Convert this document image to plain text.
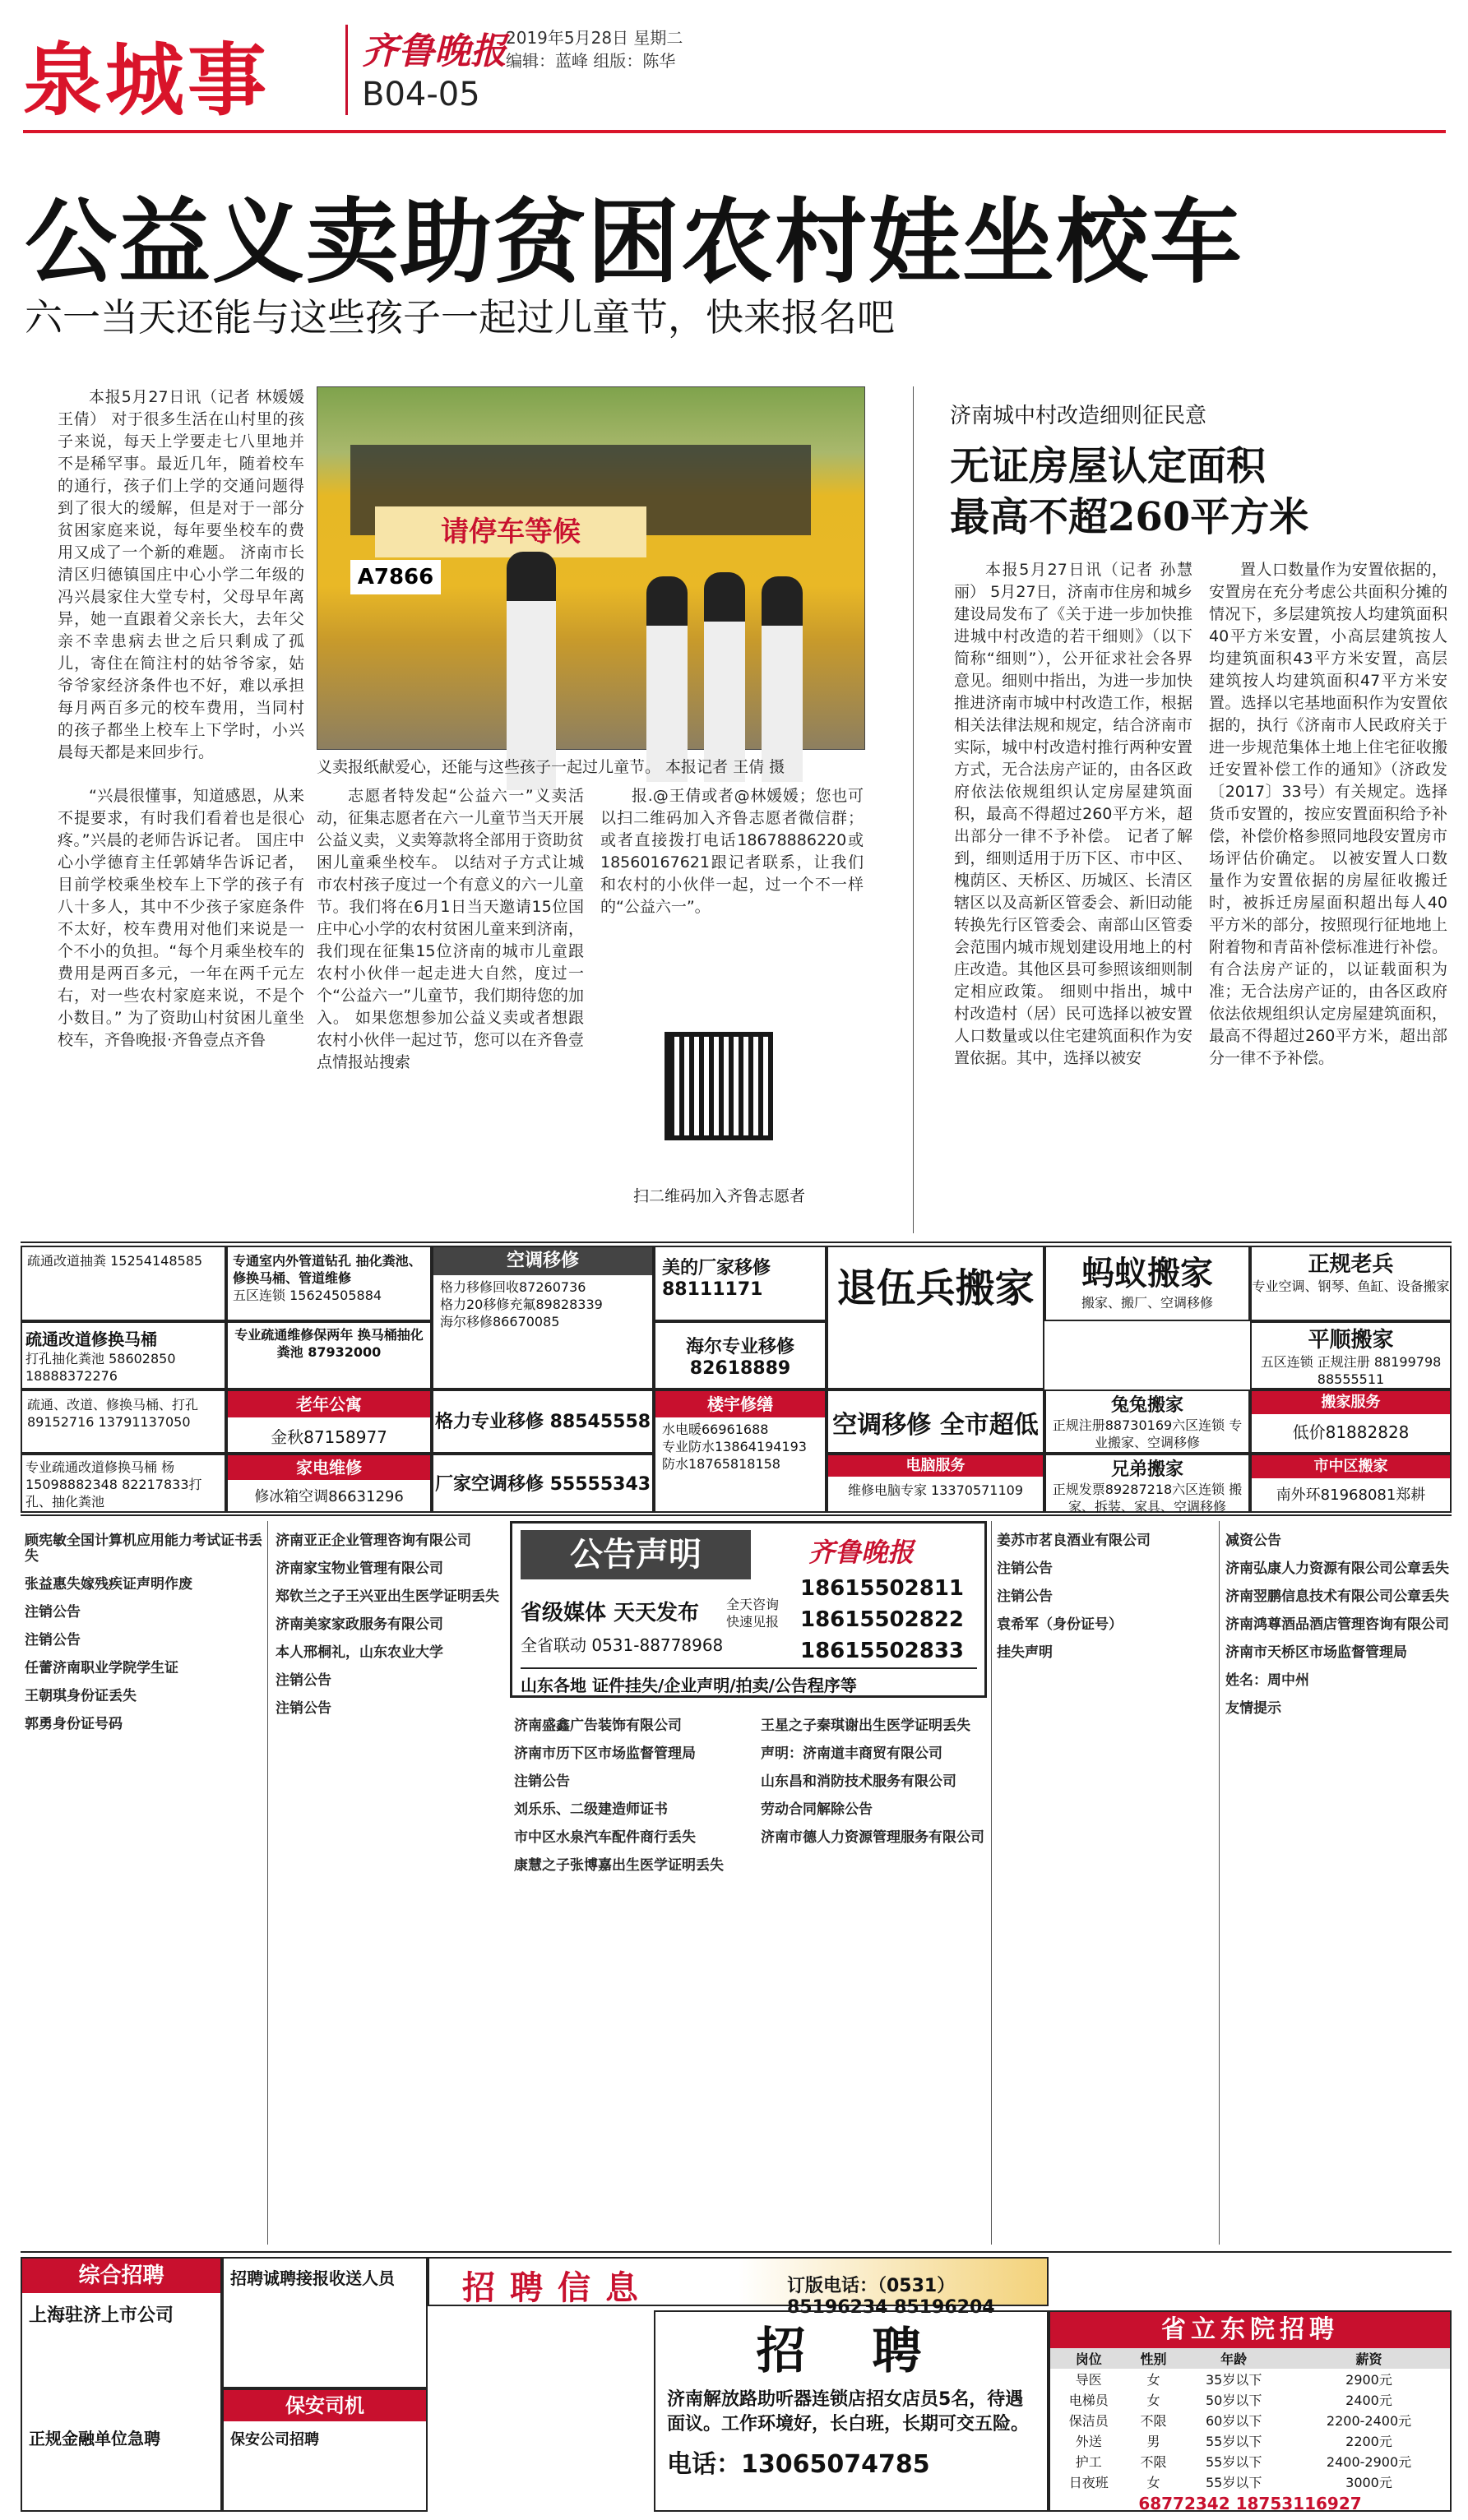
泉城事	齐鲁晚报
B04-05
2019年5月28日 星期二
编辑：蓝峰 组版：陈华
公益义卖助贫困农村娃坐校车
六一当天还能与这些孩子一起过儿童节，快来报名吧

本报5月27日讯（记者 林媛媛 王倩） 对于很多生活在山村里的孩子来说，每天上学要走七八里地并不是稀罕事。最近几年，随着校车的通行，孩子们上学的交通问题得到了很大的缓解，但是对于一部分贫困家庭来说，每年要坐校车的费用又成了一个新的难题。 济南市长清区归德镇国庄中心小学二年级的冯兴晨家住大堂专村，父母早年离异，她一直跟着父亲长大，去年父亲不幸患病去世之后只剩成了孤儿，寄住在简注村的姑爷爷家，姑爷爷家经济条件也不好，难以承担每月两百多元的校车费用，当同村的孩子都坐上校车上下学时，小兴晨每天都是来回步行。

“兴晨很懂事，知道感恩，从来不提要求，有时我们看着也是很心疼。”兴晨的老师告诉记者。 国庄中心小学德育主任郭婧华告诉记者，目前学校乘坐校车上下学的孩子有八十多人，其中不少孩子家庭条件不太好，校车费用对他们来说是一个不小的负担。“每个月乘坐校车的费用是两百多元，一年在两千元左右，对一些农村家庭来说，不是个小数目。” 为了资助山村贫困儿童坐校车，齐鲁晚报·齐鲁壹点齐鲁

请停车等候
A7866
义卖报纸献爱心，还能与这些孩子一起过儿童节。 本报记者 王倩 摄

志愿者特发起“公益六一”义卖活动，征集志愿者在六一儿童节当天开展公益义卖，义卖筹款将全部用于资助贫困儿童乘坐校车。 以结对子方式让城市农村孩子度过一个有意义的六一儿童节。我们将在6月1日当天邀请15位国庄中心小学的农村贫困儿童来到济南，我们现在征集15位济南的城市儿童跟农村小伙伴一起走进大自然，度过一个“公益六一”儿童节，我们期待您的加入。 如果您想参加公益义卖或者想跟农村小伙伴一起过节，您可以在齐鲁壹点情报站搜索

报.@王倩或者@林媛媛；您也可以扫二维码加入齐鲁志愿者微信群；或者直接拨打电话18678886220或18560167621跟记者联系，让我们和农村的小伙伴一起，过一个不一样的“公益六一”。

扫二维码加入齐鲁志愿者
济南城中村改造细则征民意
无证房屋认定面积
最高不超260平方米

本报5月27日讯（记者 孙慧丽） 5月27日，济南市住房和城乡建设局发布了《关于进一步加快推进城中村改造的若干细则》（以下简称“细则”），公开征求社会各界意见。细则中指出，为进一步加快推进济南市城中村改造工作，根据相关法律法规和规定，结合济南市实际，城中村改造村推行两种安置方式，无合法房产证的，由各区政府依法依规组织认定房屋建筑面积，最高不得超过260平方米，超出部分一律不予补偿。 记者了解到，细则适用于历下区、市中区、槐荫区、天桥区、历城区、长清区辖区以及高新区管委会、新旧动能转换先行区管委会、南部山区管委会范围内城市规划建设用地上的村庄改造。其他区县可参照该细则制定相应政策。 细则中指出，城中村改造村（居）民可选择以被安置人口数量或以住宅建筑面积作为安置依据。其中，选择以被安

置人口数量作为安置依据的，安置房在充分考虑公共面积分摊的情况下，多层建筑按人均建筑面积40平方米安置，小高层建筑按人均建筑面积43平方米安置，高层建筑按人均建筑面积47平方米安置。选择以宅基地面积作为安置依据的，执行《济南市人民政府关于进一步规范集体土地上住宅征收搬迁安置补偿工作的通知》（济政发〔2017〕33号）有关规定。选择货币安置的，按应安置面积给予补偿，补偿价格参照同地段安置房市场评估价确定。 以被安置人口数量作为安置依据的房屋征收搬迁时，被拆迁房屋面积超出每人40平方米的部分，按照现行征地地上附着物和青苗补偿标准进行补偿。有合法房产证的，以证载面积为准；无合法房产证的，由各区政府依法依规组织认定房屋建筑面积，最高不得超过260平方米，超出部分一律不予补偿。

疏通改道抽粪 15254148585	专通室内外管道钻孔 抽化粪池、修换马桶、管道维修
五区连锁 15624505884
空调移修
格力移修回收87260736
格力20移修充氟89828339
海尔移修86670085
美的厂家移修 88111171	退伍兵搬家	蚂蚁搬家
搬家、搬厂、空调移修
正规老兵
专业空调、钢琴、鱼缸、设备搬家
疏通改道修换马桶
打孔抽化粪池 58602850 18888372276
专业疏通维修保两年 换马桶抽化粪池 87932000	海尔专业移修 82618889
平顺搬家
五区连锁 正规注册 88199798 88555511
疏通、改道、修换马桶、打孔 89152716 13791137050
老年公寓
金秋87158977
格力专业移修 88545558
楼宇修缮
水电暖66961688
专业防水13864194193
防水18765818158
空调移修 全市超低
兔兔搬家
正规注册88730169六区连锁 专业搬家、空调移修
搬家服务
低价81882828
专业疏通改道修换马桶 杨15098882348 82217833打孔、抽化粪池
家电维修
修冰箱空调86631296
厂家空调移修 55555343
电脑服务
维修电脑专家 13370571109
兄弟搬家
正规发票89287218六区连锁 搬家、拆装、家具、空调移修
市中区搬家
南外环81968081郑耕

顾宪敏全国计算机应用能力考试证书丢失

张益惠失嫁残疾证声明作废

注销公告

注销公告

任蕾济南职业学院学生证

王朝琪身份证丢失

郭勇身份证号码

济南亚正企业管理咨询有限公司

济南家宝物业管理有限公司

郑钦兰之子王兴亚出生医学证明丢失

济南美家家政服务有限公司

本人邢桐礼，山东农业大学

注销公告

注销公告

公告声明	齐鲁晚报
省级媒体 天天发布 全天咨询 快速见报
全省联动 0531-88778968
18615502811
18615502822
18615502833
山东各地 证件挂失/企业声明/拍卖/公告程序等

济南盛鑫广告装饰有限公司

济南市历下区市场监督管理局

注销公告

刘乐乐、二级建造师证书

市中区水泉汽车配件商行丢失

康慧之子张博嘉出生医学证明丢失

王星之子秦琪谢出生医学证明丢失

声明：济南道丰商贸有限公司

山东昌和消防技术服务有限公司

劳动合同解除公告

济南市德人力资源管理服务有限公司

姜苏市茗良酒业有限公司

注销公告

注销公告

袁希军（身份证号）

挂失声明

减资公告

济南弘康人力资源有限公司公章丢失

济南翌鹏信息技术有限公司公章丢失

济南鸿尊酒品酒店管理咨询有限公司

济南市天桥区市场监督管理局

姓名：周中州

友情提示

综合招聘
上海驻济上市公司
正规金融单位急聘
招聘诚聘接报收送人员
保安司机
保安公司招聘
招聘信息	订版电话：（0531）85196234 85196204
招 聘
济南解放路助听器连锁店招女店员5名，待遇面议。工作环境好，长白班，长期可交五险。
电话：13065074785
省立东院招聘
岗位	性别	年龄	薪资
导医	女	35岁以下	2900元
电梯员	女	50岁以下	2400元
保洁员	不限	60岁以下	2200-2400元
外送	男	55岁以下	2200元
护工	不限	55岁以下	2400-2900元
日夜班	女	55岁以下	3000元
68772342 18753116927
